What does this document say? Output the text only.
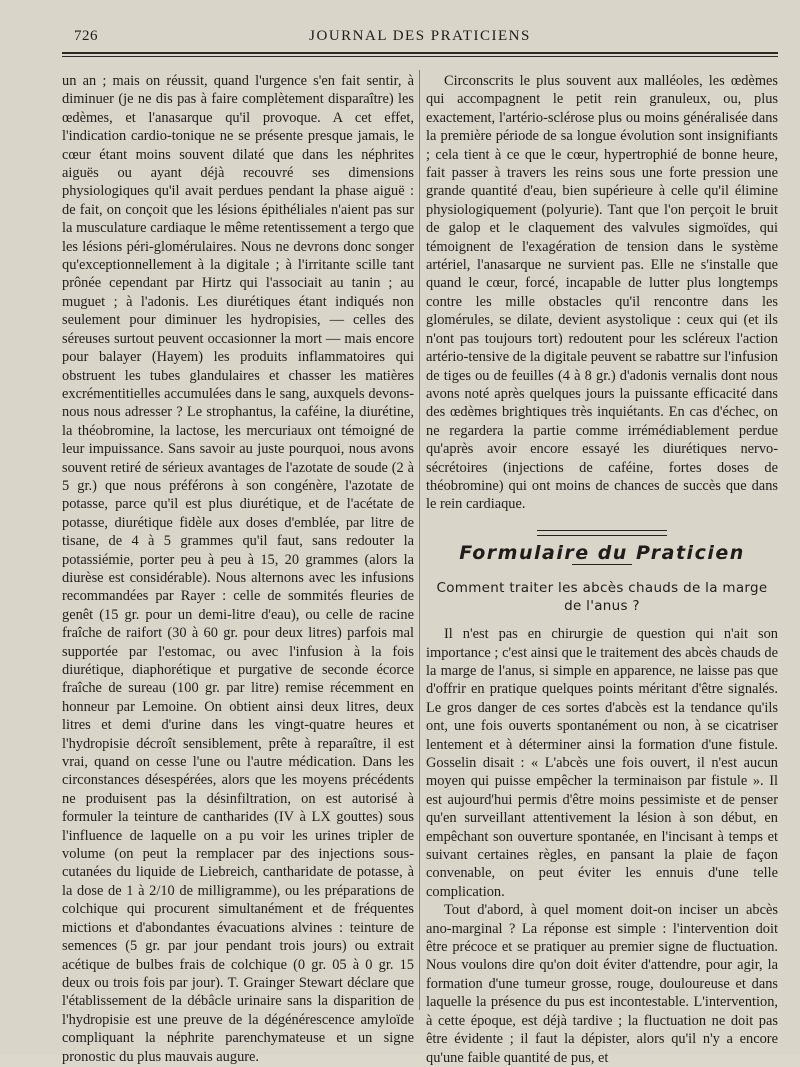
726	JOURNAL DES PRATICIENS

un an ; mais on réussit, quand l'urgence s'en fait sentir, à diminuer (je ne dis pas à faire complètement disparaître) les œdèmes, et l'anasarque qu'il provoque. A cet effet, l'indication cardio-tonique ne se présente presque jamais, le cœur étant moins souvent dilaté que dans les néphrites aiguës ou ayant déjà recouvré ses dimensions physiologiques qu'il avait perdues pendant la phase aiguë : de fait, on conçoit que les lésions épithéliales n'aient pas sur la musculature cardiaque le même retentissement a tergo que les lésions péri-glomérulaires. Nous ne devrons donc songer qu'exceptionnellement à la digitale ; à l'irritante scille tant prônée cependant par Hirtz qui l'associait au tanin ; au muguet ; à l'adonis. Les diurétiques étant indiqués non seulement pour diminuer les hydropisies, — celles des séreuses surtout peuvent occasionner la mort — mais encore pour balayer (Hayem) les produits inflammatoires qui obstruent les tubes glandulaires et chasser les matières excrémentitielles accumulées dans le sang, auxquels devons-nous nous adresser ? Le strophantus, la caféine, la diurétine, la théobromine, la lactose, les mercuriaux ont témoigné de leur impuissance. Sans savoir au juste pourquoi, nous avons souvent retiré de sérieux avantages de l'azotate de soude (2 à 5 gr.) que nous préférons à son congénère, l'azotate de potasse, parce qu'il est plus diurétique, et de l'acétate de potasse, diurétique fidèle aux doses d'emblée, par litre de tisane, de 4 à 5 grammes qu'il faut, sans redouter la potassiémie, porter peu à peu à 15, 20 grammes (alors la diurèse est considérable). Nous alternons avec les infusions recommandées par Rayer : celle de sommités fleuries de genêt (15 gr. pour un demi-litre d'eau), ou celle de racine fraîche de raifort (30 à 60 gr. pour deux litres) parfois mal supportée par l'estomac, ou avec l'infusion à la fois diurétique, diaphorétique et purgative de seconde écorce fraîche de sureau (100 gr. par litre) remise récemment en honneur par Lemoine. On obtient ainsi deux litres, deux litres et demi d'urine dans les vingt-quatre heures et l'hydropisie décroît sensiblement, prête à reparaître, il est vrai, quand on cesse l'une ou l'autre médication. Dans les circonstances désespérées, alors que les moyens précédents ne produisent pas la désinfiltration, on est autorisé à formuler la teinture de cantharides (IV à LX gouttes) sous l'influence de laquelle on a pu voir les urines tripler de volume (on peut la remplacer par des injections sous-cutanées du liquide de Liebreich, cantharidate de potasse, à la dose de 1 à 2/10 de milligramme), ou les préparations de colchique qui procurent simultanément et de fréquentes mictions et d'abondantes évacuations alvines : teinture de semences (5 gr. par jour pendant trois jours) ou extrait acétique de bulbes frais de colchique (0 gr. 05 à 0 gr. 15 deux ou trois fois par jour). T. Grainger Stewart déclare que l'établissement de la débâcle urinaire sans la disparition de l'hydropisie est une preuve de la dégénérescence amyloïde compliquant la néphrite parenchymateuse et un signe pronostic du plus mauvais augure.

Circonscrits le plus souvent aux malléoles, les œdèmes qui accompagnent le petit rein granuleux, ou, plus exactement, l'artério-sclérose plus ou moins généralisée dans la première période de sa longue évolution sont insignifiants ; cela tient à ce que le cœur, hypertrophié de bonne heure, fait passer à travers les reins sous une forte pression une grande quantité d'eau, bien supérieure à celle qu'il élimine physiologiquement (polyurie). Tant que l'on perçoit le bruit de galop et le claquement des valvules sigmoïdes, qui témoignent de l'exagération de tension dans le système artériel, l'anasarque ne survient pas. Elle ne s'installe que quand le cœur, forcé, incapable de lutter plus longtemps contre les mille obstacles qu'il rencontre dans les glomérules, se dilate, devient asystolique : ceux qui (et ils n'ont pas toujours tort) redoutent pour les scléreux l'action artério-tensive de la digitale peuvent se rabattre sur l'infusion de tiges ou de feuilles (4 à 8 gr.) d'adonis vernalis dont nous avons noté après quelques jours la puissante efficacité dans des œdèmes brightiques très inquiétants. En cas d'échec, on ne regardera la partie comme irrémédiablement perdue qu'après avoir encore essayé les diurétiques nervo-sécrétoires (injections de caféine, fortes doses de théobromine) qui ont moins de chances de succès que dans le rein cardiaque.

Formulaire du Praticien
Comment traiter les abcès chauds de la marge de l'anus ?

Il n'est pas en chirurgie de question qui n'ait son importance ; c'est ainsi que le traitement des abcès chauds de la marge de l'anus, si simple en apparence, ne laisse pas que d'offrir en pratique quelques points méritant d'être signalés. Le gros danger de ces sortes d'abcès est la tendance qu'ils ont, une fois ouverts spontanément ou non, à se cicatriser lentement et à déterminer ainsi la formation d'une fistule. Gosselin disait : « L'abcès une fois ouvert, il n'est aucun moyen qui puisse empêcher la terminaison par fistule ». Il est aujourd'hui permis d'être moins pessimiste et de penser qu'en surveillant attentivement la lésion à son début, en empêchant son ouverture spontanée, en l'incisant à temps et suivant certaines règles, en pansant la plaie de façon convenable, on peut éviter les ennuis d'une telle complication.

Tout d'abord, à quel moment doit-on inciser un abcès ano-marginal ? La réponse est simple : l'intervention doit être précoce et se pratiquer au premier signe de fluctuation. Nous voulons dire qu'on doit éviter d'attendre, pour agir, la formation d'une tumeur grosse, rouge, douloureuse et dans laquelle la présence du pus est incontestable. L'intervention, à cette époque, est déjà tardive ; la fluctuation ne doit pas être évidente ; il faut la dépister, alors qu'il n'y a encore qu'une faible quantité de pus, et
